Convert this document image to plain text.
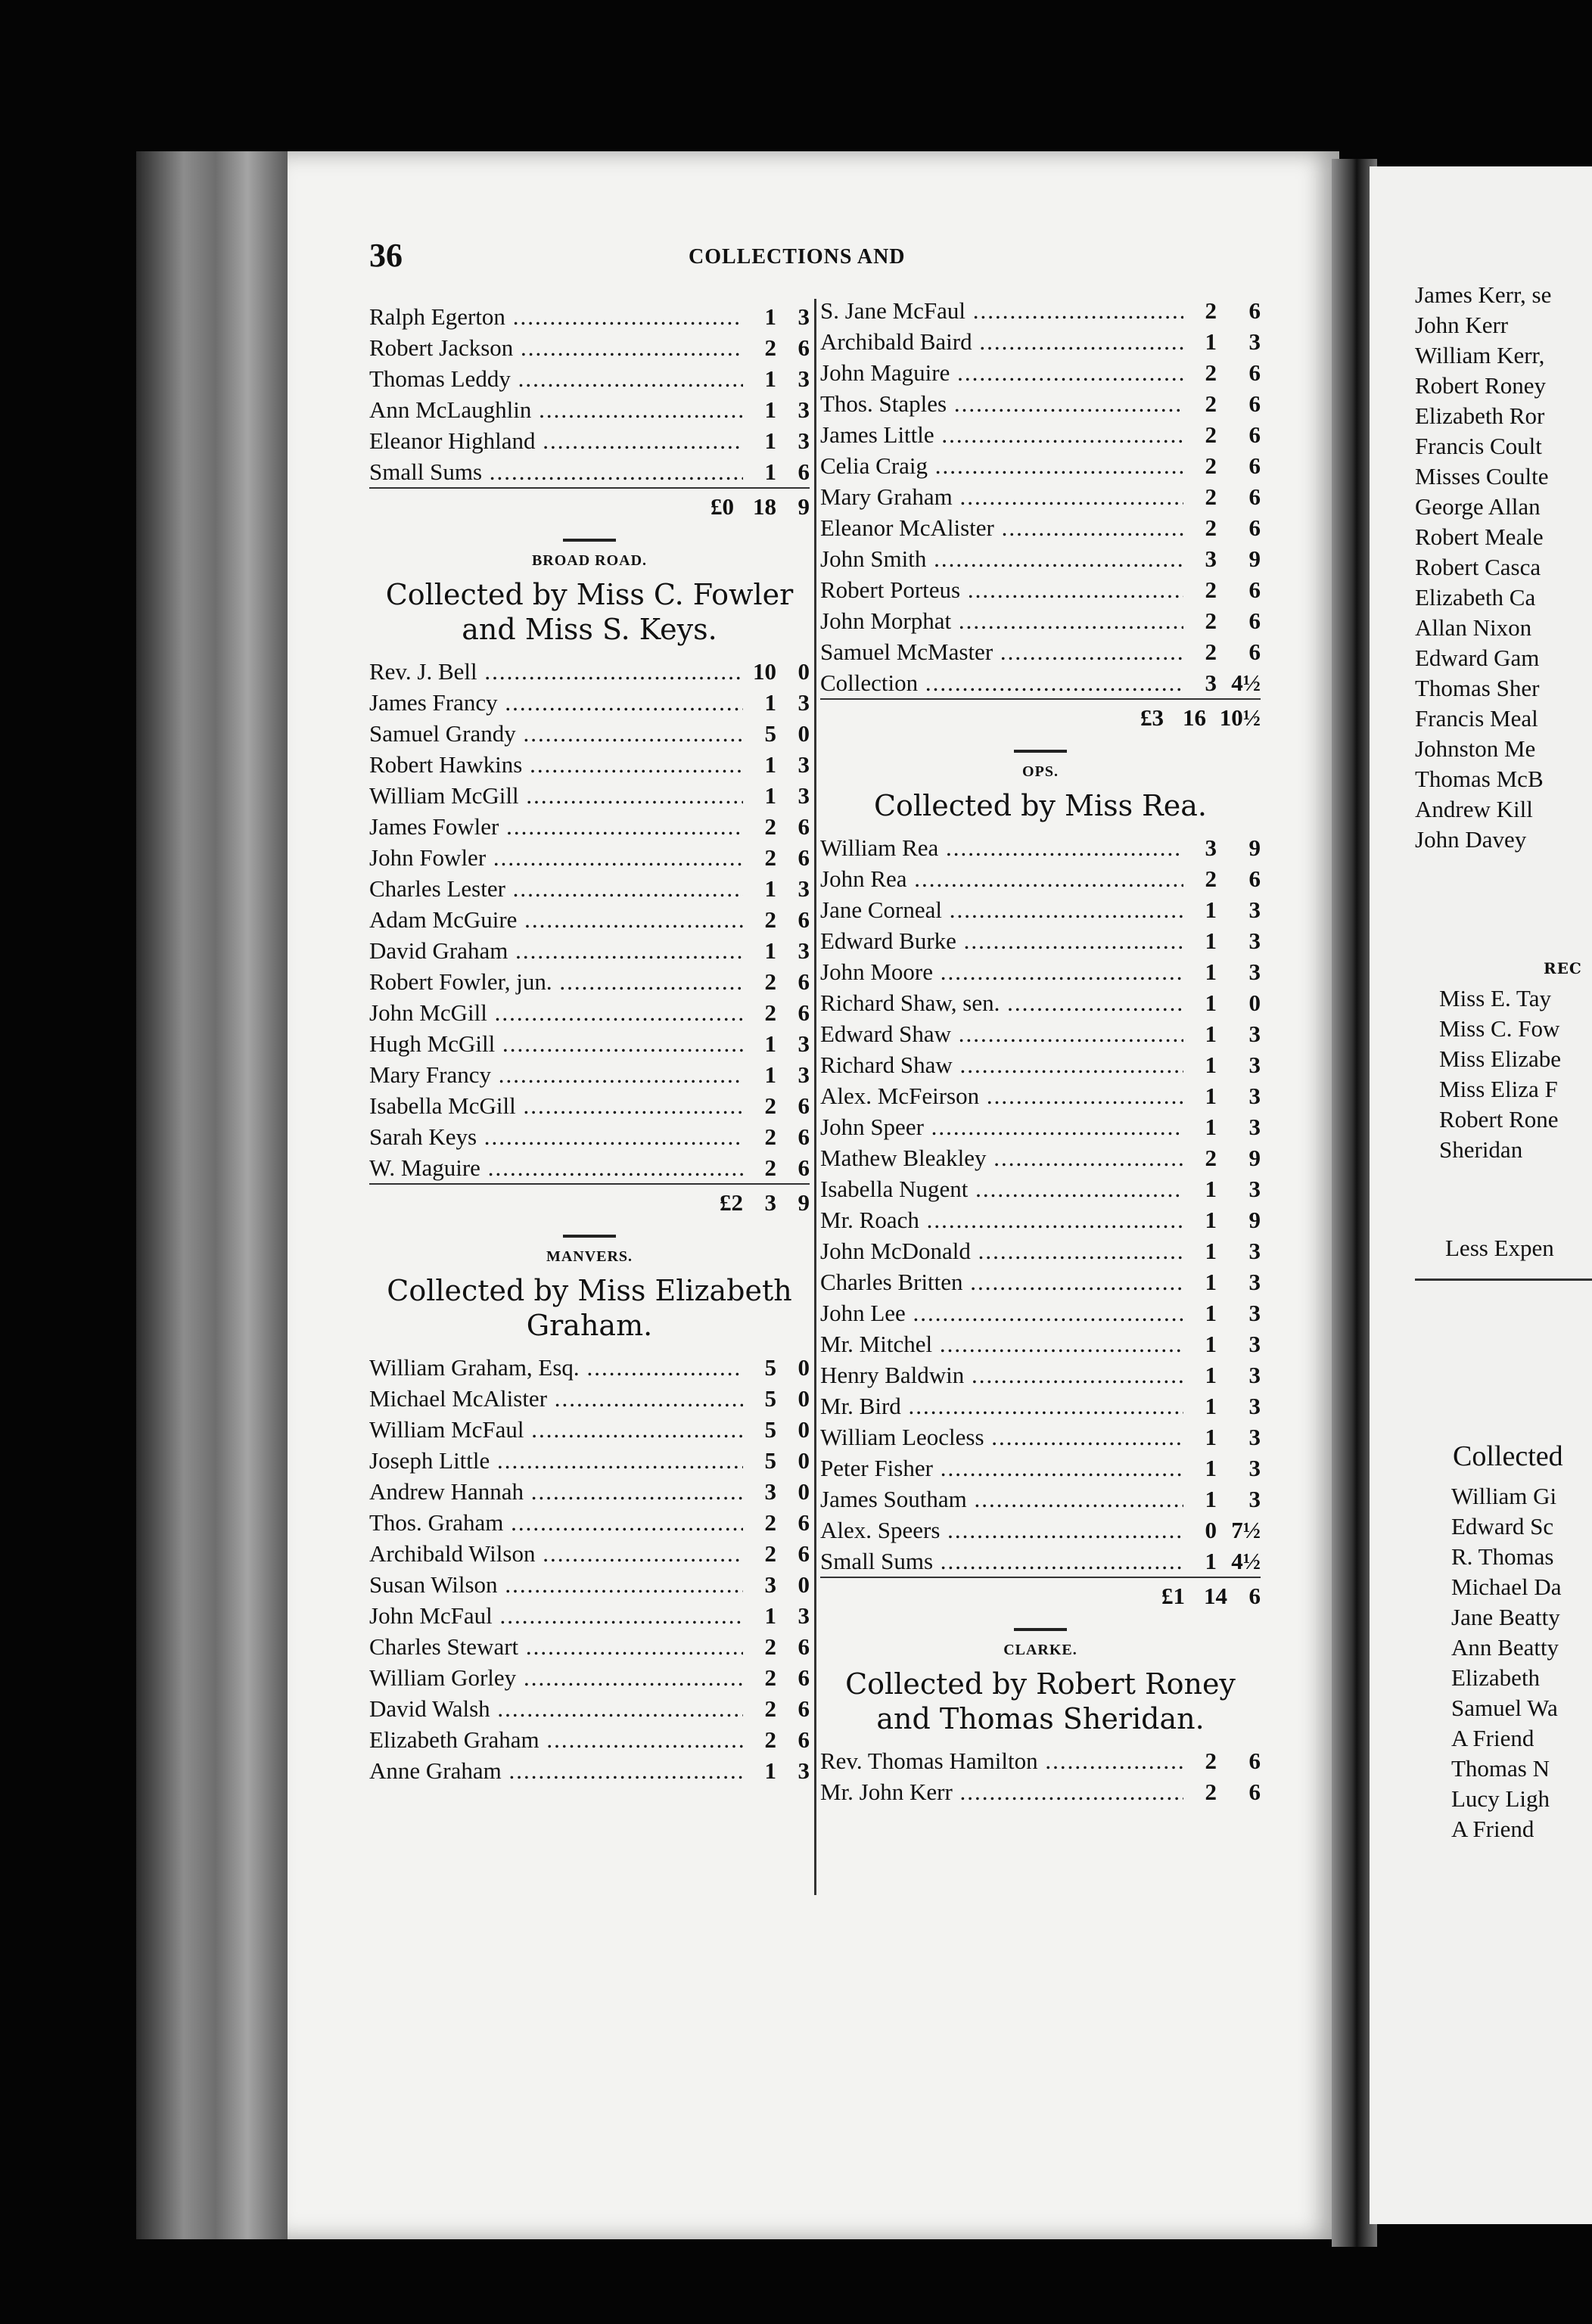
James Kerr, se
John Kerr
William Kerr,
Robert Roney
Elizabeth Ror
Francis Coult
Misses Coulte
George Allan
Robert Meale
Robert Casca
Elizabeth Ca
Allan Nixon
Edward Gam
Thomas Sher
Francis Meal
Johnston Me
Thomas McB
Andrew Kill
John Davey
REC
Miss E. Tay
Miss C. Fow
Miss Elizabe
Miss Eliza F
Robert Rone
Sheridan
Less Expen
Collected
William Gi
Edward Sc
R. Thomas
Michael Da
Jane Beatty
Ann Beatty
Elizabeth
Samuel Wa
A Friend
Thomas N
Lucy Ligh
A Friend
36	COLLECTIONS AND
Ralph Egerton .....	1 3
Robert Jackson .....	2 6
Thomas Leddy .....	1 3
Ann McLaughlin .....	1 3
Eleanor Highland .....	1 3
Small Sums .....	1 6
£0 18 9
BROAD ROAD.
Collected by Miss C. Fowler
and Miss S. Keys.
Rev. J. Bell .....	10 0
James Francy .....	1 3
Samuel Grandy .....	5 0
Robert Hawkins .....	1 3
William McGill .....	1 3
James Fowler .....	2 6
John Fowler .....	2 6
Charles Lester .....	1 3
Adam McGuire .....	2 6
David Graham .....	1 3
Robert Fowler, jun. .....	2 6
John McGill .....	2 6
Hugh McGill .....	1 3
Mary Francy .....	1 3
Isabella McGill .....	2 6
Sarah Keys .....	2 6
W. Maguire .....	2 6
£2 3 9
MANVERS.
Collected by Miss Elizabeth
Graham.
William Graham, Esq. .....	5 0
Michael McAlister .....	5 0
William McFaul .....	5 0
Joseph Little .....	5 0
Andrew Hannah .....	3 0
Thos. Graham .....	2 6
Archibald Wilson .....	2 6
Susan Wilson .....	3 0
John McFaul .....	1 3
Charles Stewart .....	2 6
William Gorley .....	2 6
David Walsh .....	2 6
Elizabeth Graham .....	2 6
Anne Graham .....	1 3
S. Jane McFaul .....	2	6
Archibald Baird .....	1	3
John Maguire .....	2	6
Thos. Staples .....	2	6
James Little .....	2	6
Celia Craig .....	2	6
Mary Graham .....	2	6
Eleanor McAlister .....	2	6
John Smith .....	3	9
Robert Porteus .....	2	6
John Morphat .....	2	6
Samuel McMaster .....	2	6
Collection .....	3 4½
£3 16 10½
OPS.
Collected by Miss Rea.
William Rea .....	3	9
John Rea .....	2	6
Jane Corneal .....	1	3
Edward Burke .....	1	3
John Moore .....	1	3
Richard Shaw, sen. .....	1	0
Edward Shaw .....	1	3
Richard Shaw .....	1	3
Alex. McFeirson .....	1	3
John Speer .....	1	3
Mathew Bleakley .....	2	9
Isabella Nugent .....	1	3
Mr. Roach .....	1	9
John McDonald .....	1	3
Charles Britten .....	1	3
John Lee .....	1	3
Mr. Mitchel .....	1	3
Henry Baldwin .....	1	3
Mr. Bird .....	1	3
William Leocless .....	1	3
Peter Fisher .....	1	3
James Southam .....	1	3
Alex. Speers .....	0 7½
Small Sums .....	1 4½
£1 14 6
CLARKE.
Collected by Robert Roney
and Thomas Sheridan.
Rev. Thomas Hamilton .....	2	6
Mr. John Kerr .....	2	6
